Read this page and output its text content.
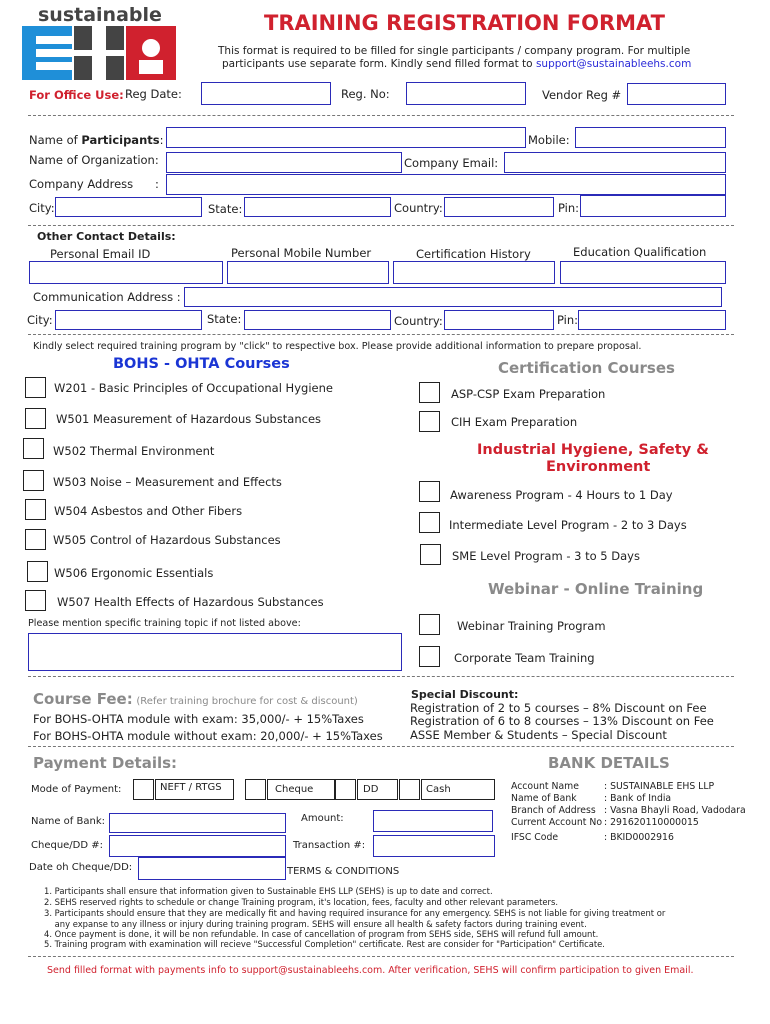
sustainable	TRAINING REGISTRATION FORMAT
This format is required to be filled for single participants / company program. For multiple
participants use separate form. Kindly send filled format to support@sustainableehs.com
For Office Use: Reg Date:	Reg. No:	Vendor Reg #
Name of Participants:	Mobile:
Name of Organization:	Company Email:
Company Address :
City:	State:	Country:	Pin:
Other Contact Details:
Personal Email ID	Personal Mobile Number	Certification History	Education Qualification
Communication Address :
City:	State:	Country:	Pin:
Kindly select required training program by "click" to respective box. Please provide additional information to prepare proposal.
BOHS - OHTA Courses
W201 - Basic Principles of Occupational Hygiene
W501 Measurement of Hazardous Substances
W502 Thermal Environment
W503 Noise – Measurement and Effects
W504 Asbestos and Other Fibers
W505 Control of Hazardous Substances
W506 Ergonomic Essentials
W507 Health Effects of Hazardous Substances
Please mention specific training topic if not listed above:
Certification Courses
ASP-CSP Exam Preparation
CIH Exam Preparation
Industrial Hygiene, Safety &
Environment
Awareness Program - 4 Hours to 1 Day
Intermediate Level Program - 2 to 3 Days
SME Level Program - 3 to 5 Days
Webinar - Online Training
Webinar Training Program
Corporate Team Training
Course Fee: (Refer training brochure for cost & discount)
For BOHS-OHTA module with exam: 35,000/- + 15%Taxes
For BOHS-OHTA module without exam: 20,000/- + 15%Taxes
Special Discount:
Registration of 2 to 5 courses – 8% Discount on Fee
Registration of 6 to 8 courses – 13% Discount on Fee
ASSE Member & Students – Special Discount
Payment Details:
Mode of Payment:	NEFT / RTGS	Cheque	DD	Cash
Name of Bank:	Amount:
Cheque/DD #:	Transaction #:
Date oh Cheque/DD:
BANK DETAILS
Account Name	: SUSTAINABLE EHS LLP
Name of Bank	: Bank of India
Branch of Address : Vasna Bhayli Road, Vadodara
Current Account No : 291620110000015
IFSC Code	: BKID0002916
TERMS & CONDITIONS
1. Participants shall ensure that information given to Sustainable EHS LLP (SEHS) is up to date and correct.
2. SEHS reserved rights to schedule or change Training program, it's location, fees, faculty and other relevant parameters.
3. Participants should ensure that they are medically fit and having required insurance for any emergency. SEHS is not liable for giving treatment or
any expanse to any illness or injury during training program. SEHS will ensure all health & safety factors during training event.
4. Once payment is done, it will be non refundable. In case of cancellation of program from SEHS side, SEHS will refund full amount.
5. Training program with examination will recieve "Successful Completion" certificate. Rest are consider for "Participation" Certificate.
Send filled format with payments info to support@sustainableehs.com. After verification, SEHS will confirm participation to given Email.
